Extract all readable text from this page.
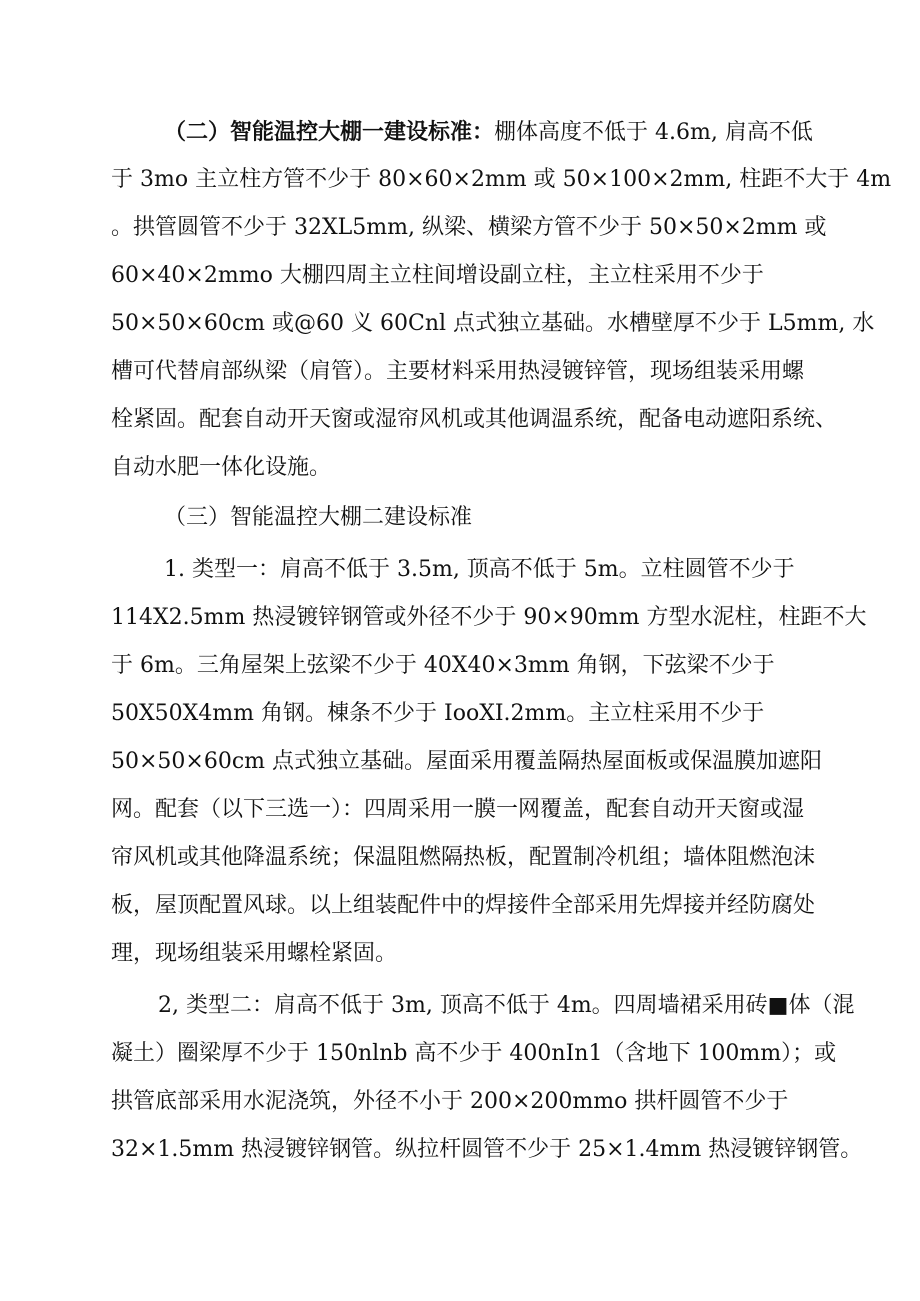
（二）智能温控大棚一建设标准：棚体高度不低于 4.6m, 肩高不低
于 3mo 主立柱方管不少于 80×60×2mm 或 50×100×2mm, 柱距不大于 4m
。拱管圆管不少于 32XL5mm, 纵梁、横梁方管不少于 50×50×2mm 或
60×40×2mmo 大棚四周主立柱间增设副立柱，主立柱采用不少于
50×50×60cm 或@60 义 60Cnl 点式独立基础。水槽壁厚不少于 L5mm, 水
槽可代替肩部纵梁（肩管）。主要材料采用热浸镀锌管，现场组装采用螺
栓紧固。配套自动开天窗或湿帘风机或其他调温系统，配备电动遮阳系统、
自动水肥一体化设施。
（三）智能温控大棚二建设标准
1. 类型一：肩高不低于 3.5m, 顶高不低于 5m。立柱圆管不少于
114X2.5mm 热浸镀锌钢管或外径不少于 90×90mm 方型水泥柱，柱距不大
于 6m。三角屋架上弦梁不少于 40X40×3mm 角钢，下弦梁不少于
50X50X4mm 角钢。棟条不少于 IooXI.2mm。主立柱采用不少于
50×50×60cm 点式独立基础。屋面采用覆盖隔热屋面板或保温膜加遮阳
网。配套（以下三选一）：四周采用一膜一网覆盖，配套自动开天窗或湿
帘风机或其他降温系统；保温阻燃隔热板，配置制冷机组；墙体阻燃泡沫
板，屋顶配置风球。以上组装配件中的焊接件全部采用先焊接并经防腐处
理，现场组装采用螺栓紧固。
2, 类型二：肩高不低于 3m, 顶高不低于 4m。四周墙裙采用砖■体（混
凝土）圈梁厚不少于 150nlnb 高不少于 400nIn1（含地下 100mm）；或
拱管底部采用水泥浇筑，外径不小于 200×200mmo 拱杆圆管不少于
32×1.5mm 热浸镀锌钢管。纵拉杆圆管不少于 25×1.4mm 热浸镀锌钢管。
